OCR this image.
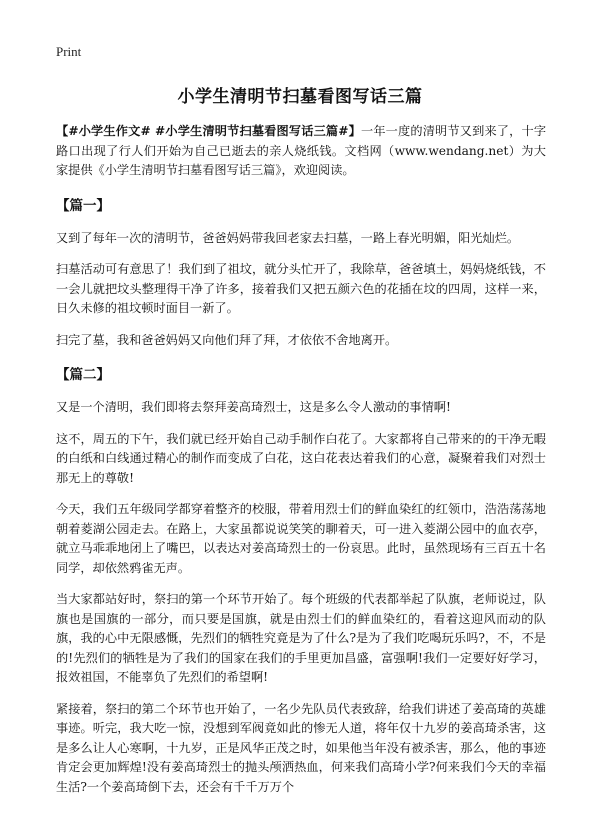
Print
小学生清明节扫墓看图写话三篇

【#小学生作文# #小学生清明节扫墓看图写话三篇#】一年一度的清明节又到来了，十字路口出现了行人们开始为自己已逝去的亲人烧纸钱。文档网（www.wendang.net）为大家提供《小学生清明节扫墓看图写话三篇》，欢迎阅读。

【篇一】

又到了每年一次的清明节，爸爸妈妈带我回老家去扫墓，一路上春光明媚，阳光灿烂。

扫墓活动可有意思了！我们到了祖坟，就分头忙开了，我除草，爸爸填土，妈妈烧纸钱，不一会儿就把坟头整理得干净了许多，接着我们又把五颜六色的花插在坟的四周，这样一来，日久未修的祖坟顿时面目一新了。

扫完了墓，我和爸爸妈妈又向他们拜了拜，才依依不舍地离开。

【篇二】

又是一个清明，我们即将去祭拜姜高琦烈士，这是多么令人激动的事情啊!

这不，周五的下午，我们就已经开始自己动手制作白花了。大家都将自己带来的的干净无暇的白纸和白线通过精心的制作而变成了白花，这白花表达着我们的心意，凝聚着我们对烈士那无上的尊敬!

今天，我们五年级同学都穿着整齐的校服，带着用烈士们的鲜血染红的红领巾，浩浩荡荡地朝着菱湖公园走去。在路上，大家虽都说说笑笑的聊着天，可一进入菱湖公园中的血衣亭，就立马乖乖地闭上了嘴巴，以表达对姜高琦烈士的一份哀思。此时，虽然现场有三百五十名同学，却依然鸦雀无声。

当大家都站好时，祭扫的第一个环节开始了。每个班级的代表都举起了队旗，老师说过，队旗也是国旗的一部分，而只要是国旗，就是由烈士们的鲜血染红的，看着这迎风而动的队旗，我的心中无限感慨，先烈们的牺牲究竟是为了什么?是为了我们吃喝玩乐吗?，不，不是的!先烈们的牺牲是为了我们的国家在我们的手里更加昌盛，富强啊!我们一定要好好学习，报效祖国，不能辜负了先烈们的希望啊!

紧接着，祭扫的第二个环节也开始了，一名少先队员代表致辞，给我们讲述了姜高琦的英雄事迹。听完，我大吃一惊，没想到军阀竟如此的惨无人道，将年仅十九岁的姜高琦杀害，这是多么让人心寒啊，十九岁，正是风华正茂之时，如果他当年没有被杀害，那么，他的事迹肯定会更加辉煌!没有姜高琦烈士的抛头颅洒热血，何来我们高琦小学?何来我们今天的幸福生活?一个姜高琦倒下去，还会有千千万万个
